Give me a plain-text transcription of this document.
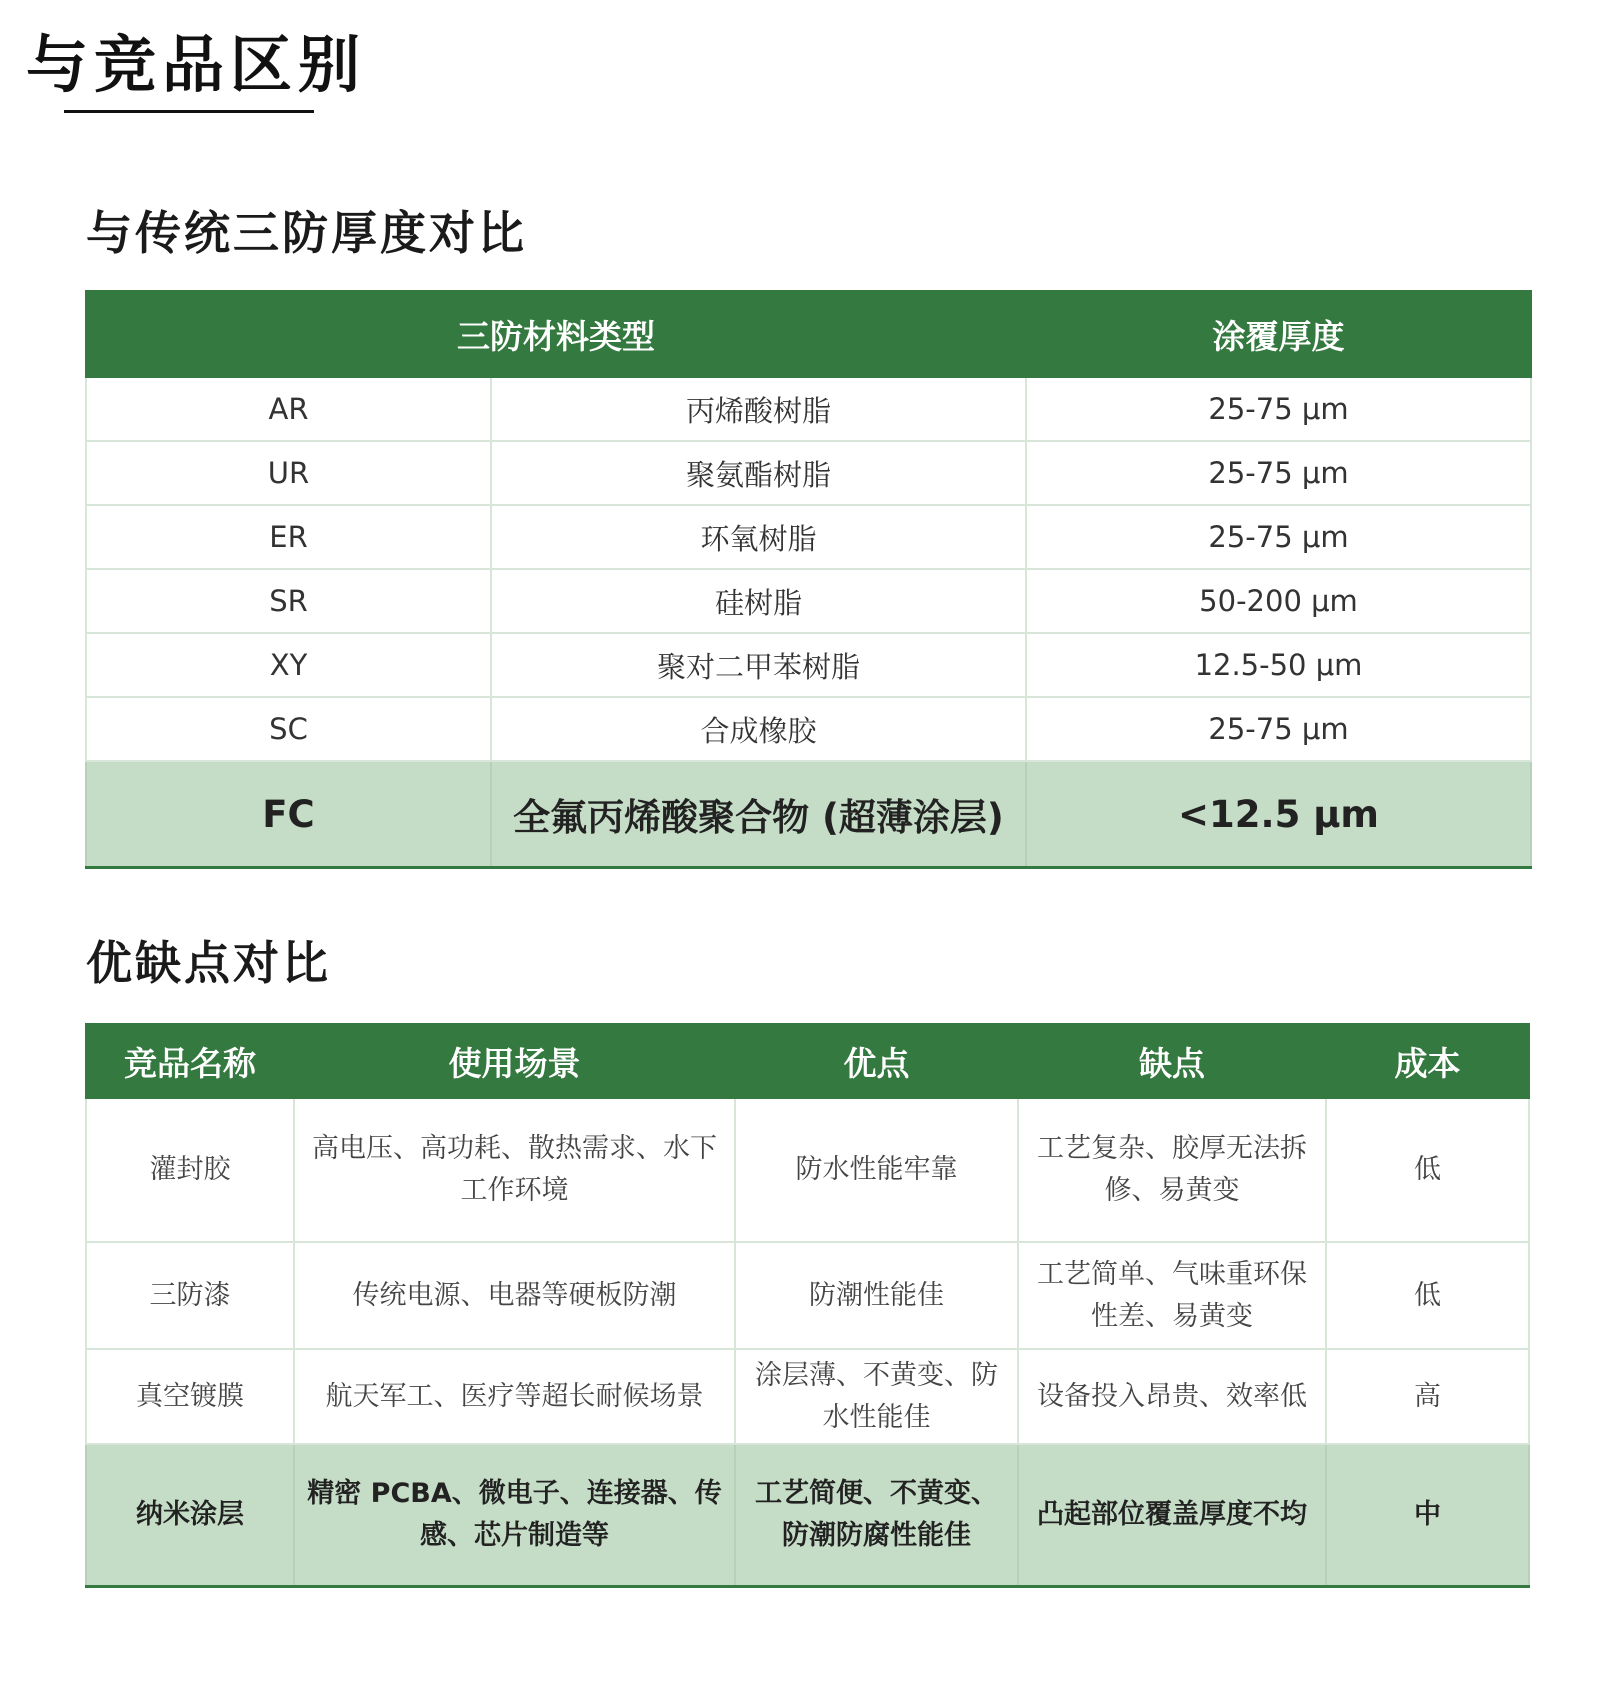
与竞品区别
与传统三防厚度对比
三防材料类型		涂覆厚度
AR	丙烯酸树脂	25-75 μm
UR	聚氨酯树脂	25-75 μm
ER	环氧树脂	25-75 μm
SR	硅树脂	50-200 μm
XY	聚对二甲苯树脂	12.5-50 μm
SC	合成橡胶	25-75 μm
FC	全氟丙烯酸聚合物 (超薄涂层)	<12.5 μm
优缺点对比
竞品名称	使用场景	优点	缺点	成本
灌封胶	高电压、高功耗、散热需求、水下工作环境	防水性能牢靠	工艺复杂、胶厚无法拆修、易黄变	低
三防漆	传统电源、电器等硬板防潮	防潮性能佳	工艺简单、气味重环保性差、易黄变	低
真空镀膜	航天军工、医疗等超长耐候场景	涂层薄、不黄变、防水性能佳	设备投入昂贵、效率低	高
纳米涂层	精密 PCBA、微电子、连接器、传感、芯片制造等	工艺简便、不黄变、防潮防腐性能佳	凸起部位覆盖厚度不均	中
